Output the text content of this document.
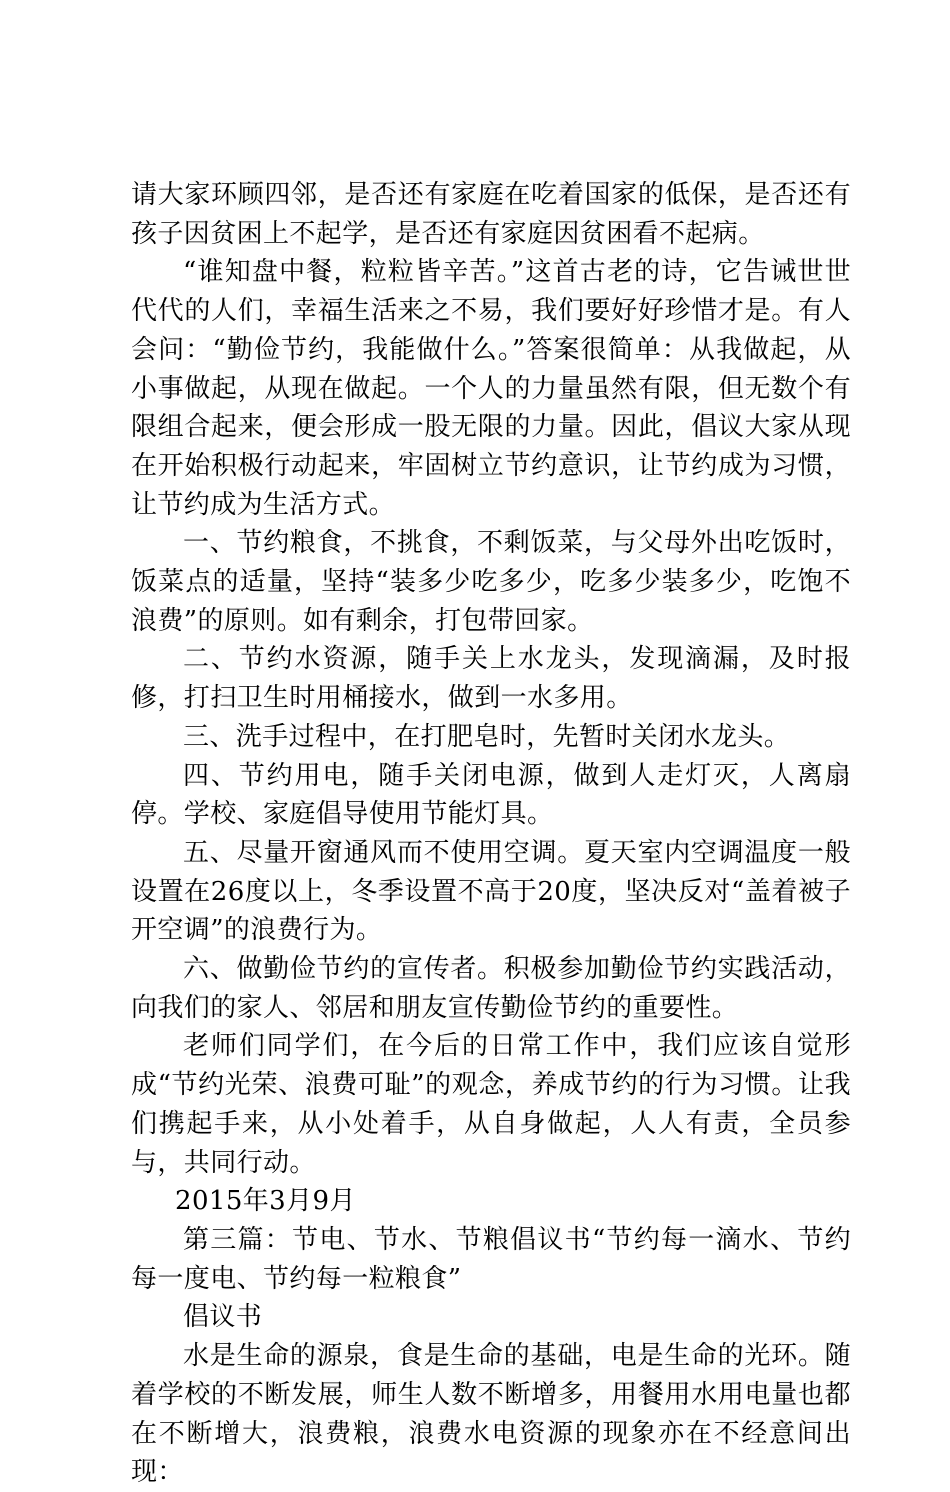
请大家环顾四邻，是否还有家庭在吃着国家的低保，是否还有孩子因贫困上不起学，是否还有家庭因贫困看不起病。

“谁知盘中餐，粒粒皆辛苦。”这首古老的诗，它告诫世世代代的人们，幸福生活来之不易，我们要好好珍惜才是。有人会问：“勤俭节约，我能做什么。”答案很简单：从我做起，从小事做起，从现在做起。一个人的力量虽然有限，但无数个有限组合起来，便会形成一股无限的力量。因此，倡议大家从现在开始积极行动起来，牢固树立节约意识，让节约成为习惯，让节约成为生活方式。

一、节约粮食，不挑食，不剩饭菜，与父母外出吃饭时，饭菜点的适量，坚持“装多少吃多少，吃多少装多少，吃饱不浪费”的原则。如有剩余，打包带回家。

二、节约水资源，随手关上水龙头，发现滴漏，及时报修，打扫卫生时用桶接水，做到一水多用。

三、洗手过程中，在打肥皂时，先暂时关闭水龙头。

四、节约用电，随手关闭电源，做到人走灯灭，人离扇停。学校、家庭倡导使用节能灯具。

五、尽量开窗通风而不使用空调。夏天室内空调温度一般设置在26度以上，冬季设置不高于20度，坚决反对“盖着被子开空调”的浪费行为。

六、做勤俭节约的宣传者。积极参加勤俭节约实践活动，向我们的家人、邻居和朋友宣传勤俭节约的重要性。

老师们同学们，在今后的日常工作中，我们应该自觉形成“节约光荣、浪费可耻”的观念，养成节约的行为习惯。让我们携起手来，从小处着手，从自身做起，人人有责，全员参与，共同行动。

2015年3月9月

第三篇：节电、节水、节粮倡议书“节约每一滴水、节约每一度电、节约每一粒粮食”

倡议书

水是生命的源泉，食是生命的基础，电是生命的光环。随着学校的不断发展，师生人数不断增多，用餐用水用电量也都在不断增大，浪费粮，浪费水电资源的现象亦在不经意间出现：
